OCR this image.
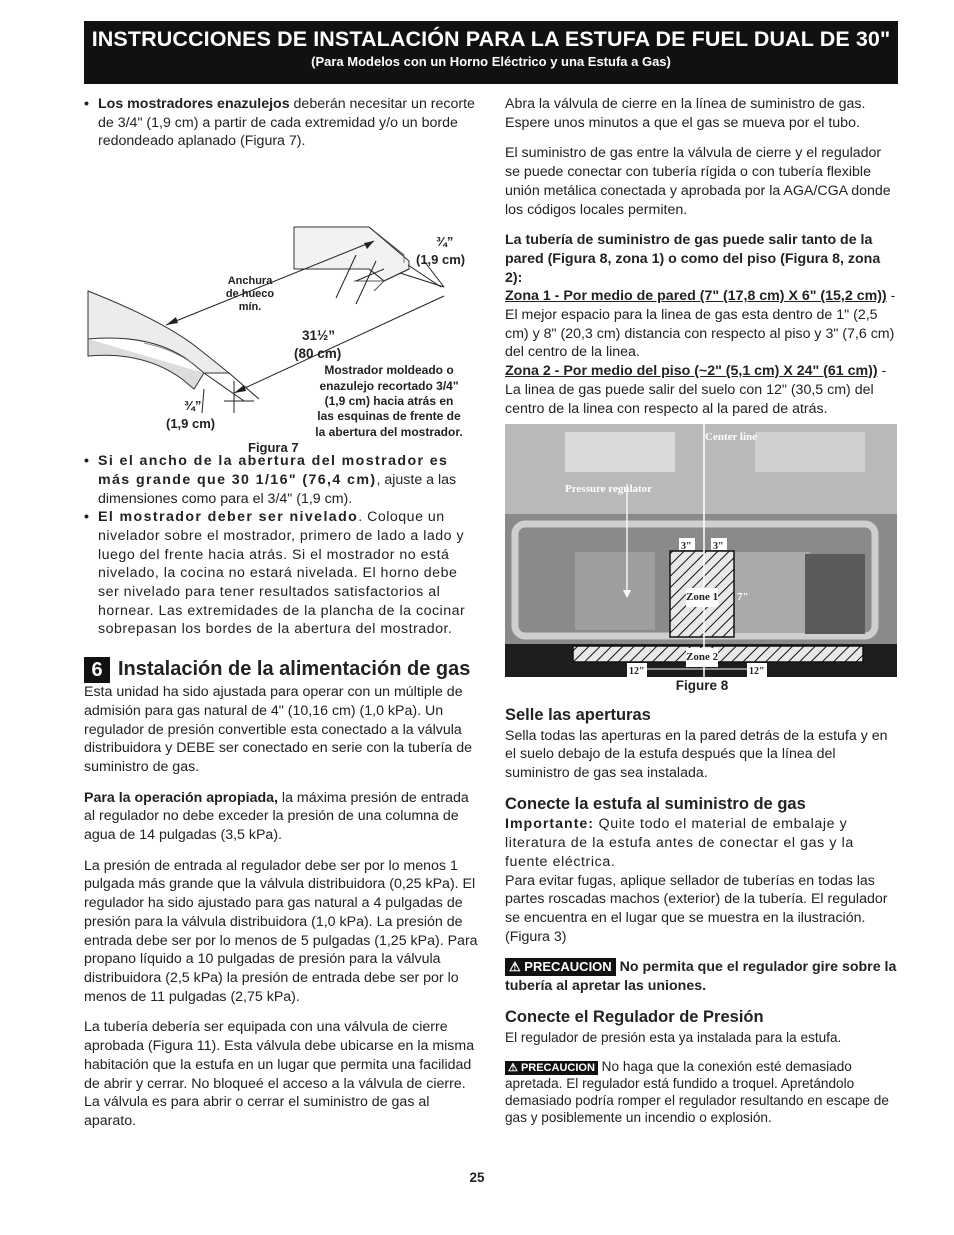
INSTRUCCIONES DE INSTALACIÓN PARA LA ESTUFA DE FUEL DUAL DE 30"
(Para Modelos con un Horno Eléctrico y una Estufa a Gas)
• Los mostradores enazulejos deberán necesitar un recorte de 3/4" (1,9 cm) a partir de cada extremidad y/o un borde redondeado aplanado (Figura 7).
¾”
(1,9 cm)
Anchura
de hueco
mín.
31½”
(80 cm)
Mostrador moldeado o
enazulejo recortado 3/4"
(1,9 cm) hacia atrás en
las esquinas de frente de
la abertura del mostrador.
¾”
(1,9 cm)
Figura 7
• Si el ancho de la abertura del mostrador es más grande que 30 1/16" (76,4 cm), ajuste a las dimensiones como para el 3/4" (1,9 cm).
• El mostrador deber ser nivelado. Coloque un nivelador sobre el mostrador, primero de lado a lado y luego del frente hacia atrás. Si el mostrador no está nivelado, la cocina no estará nivelada. El horno debe ser nivelado para tener resultados satisfactorios al hornear. Las extremidades de la plancha de la cocinar sobrepasan los bordes de la abertura del mostrador.
6 Instalación de la alimentación de gas

Esta unidad ha sido ajustada para operar con un múltiple de admisión para gas natural de 4" (10,16 cm) (1,0 kPa). Un regulador de presión convertible esta conectado a la válvula distribuidora y DEBE ser conectado en serie con la tubería de suministro de gas.

Para la operación apropiada, la máxima presión de entrada al regulador no debe exceder la presión de una columna de agua de 14 pulgadas (3,5 kPa).

La presión de entrada al regulador debe ser por lo menos 1 pulgada más grande que la válvula distribuidora (0,25 kPa). El regulador ha sido ajustado para gas natural a 4 pulgadas de presión para la válvula distribuidora (1,0 kPa). La presión de entrada debe ser por lo menos de 5 pulgadas (1,25 kPa). Para propano líquido a 10 pulgadas de presión para la válvula distribuidora (2,5 kPa) la presión de entrada debe ser por lo menos de 11 pulgadas (2,75 kPa).

La tubería debería ser equipada con una válvula de cierre aprobada (Figura 11). Esta válvula debe ubicarse en la misma habitación que la estufa en un lugar que permita una facilidad de abrir y cerrar. No bloqueé el acceso a la válvula de cierre. La válvula es para abrir o cerrar el suministro de gas al aparato.

Abra la válvula de cierre en la línea de suministro de gas. Espere unos minutos a que el gas se mueva por el tubo.

El suministro de gas entre la válvula de cierre y el regulador se puede conectar con tubería rígida o con tubería flexible unión metálica conectada y aprobada por la AGA/CGA donde los códigos locales permiten.

La tubería de suministro de gas puede salir tanto de la pared (Figura 8, zona 1) o como del piso (Figura 8, zona 2):
Zona 1 - Por medio de pared (7" (17,8 cm) X 6" (15,2 cm)) - El mejor espacio para la linea de gas esta dentro de 1" (2,5 cm) y 8" (20,3 cm) distancia con respecto al piso y 3" (7,6 cm) del centro de la linea.
Zona 2 - Por medio del piso (~2" (5,1 cm) X 24" (61 cm)) - La linea de gas puede salir del suelo con 12" (30,5 cm) del centro de la linea con respecto al la pared de atrás.
Center line
Pressure regulator
3" 3"
Zone 1 7"
Zone 2
12"	12"
Figure 8
Selle las aperturas

Sella todas las aperturas en la pared detrás de la estufa y en el suelo debajo de la estufa después que la línea del suministro de gas sea instalada.

Conecte la estufa al suministro de gas
Importante: Quite todo el material de embalaje y literatura de la estufa antes de conectar el gas y la fuente eléctrica.

Para evitar fugas, aplique sellador de tuberías en todas las partes roscadas machos (exterior) de la tubería. El regulador se encuentra en el lugar que se muestra en la ilustración. (Figura 3)

⚠ PRECAUCION No permita que el regulador gire sobre la tubería al apretar las uniones.
Conecte el Regulador de Presión

El regulador de presión esta ya instalada para la estufa.

⚠ PRECAUCION No haga que la conexión esté demasiado apretada. El regulador está fundido a troquel. Apretándolo demasiado podría romper el regulador resultando en escape de gas y posiblemente un incendio o explosión.
25
